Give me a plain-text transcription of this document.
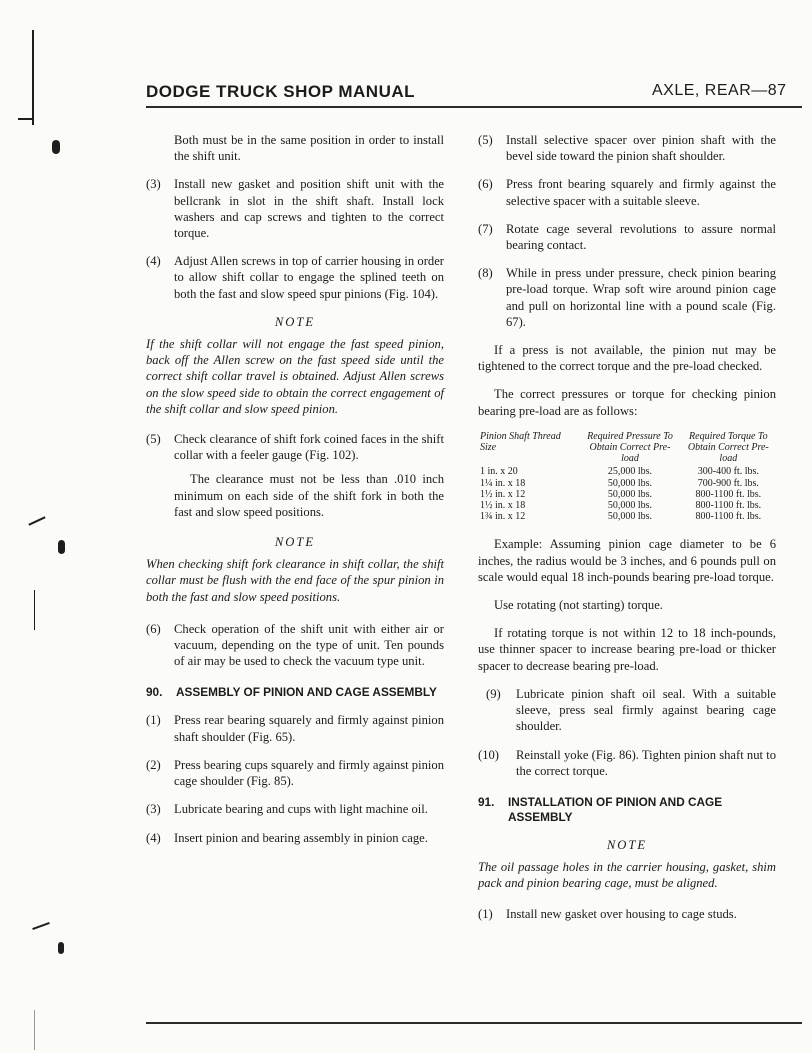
DODGE TRUCK SHOP MANUAL	AXLE, REAR—87

Both must be in the same position in order to install the shift unit.

(3) Install new gasket and position shift unit with the bellcrank in slot in the shift shaft. Install lock washers and cap screws and tighten to the correct torque.
(4) Adjust Allen screws in top of carrier housing in order to allow shift collar to engage the splined teeth on both the fast and slow speed spur pinions (Fig. 104).

NOTE

If the shift collar will not engage the fast speed pinion, back off the Allen screw on the fast speed side until the correct shift collar travel is obtained. Adjust Allen screws on the slow speed side to obtain the correct engagement of the shift collar and slow speed pinion.

(5) Check clearance of shift fork coined faces in the shift collar with a feeler gauge (Fig. 102).

The clearance must not be less than .010 inch minimum on each side of the shift fork in both the fast and slow speed positions.

NOTE

When checking shift fork clearance in shift collar, the shift collar must be flush with the end face of the spur pinion in both the fast and slow speed positions.

(6) Check operation of the shift unit with either air or vacuum, depending on the type of unit. Ten pounds of air may be used to check the vacuum type unit.
90. ASSEMBLY OF PINION AND CAGE ASSEMBLY
(1) Press rear bearing squarely and firmly against pinion shaft shoulder (Fig. 65).
(2) Press bearing cups squarely and firmly against pinion cage shoulder (Fig. 85).
(3) Lubricate bearing and cups with light machine oil.
(4) Insert pinion and bearing assembly in pinion cage.
(5) Install selective spacer over pinion shaft with the bevel side toward the pinion shaft shoulder.
(6) Press front bearing squarely and firmly against the selective spacer with a suitable sleeve.
(7) Rotate cage several revolutions to assure normal bearing contact.
(8) While in press under pressure, check pinion bearing pre-load torque. Wrap soft wire around pinion cage and pull on horizontal line with a pound scale (Fig. 67).

If a press is not available, the pinion nut may be tightened to the correct torque and the pre-load checked.

The correct pressures or torque for checking pinion bearing pre-load are as follows:

Pinion Shaft Thread Size	Required Pressure To Obtain Correct Pre-load	Required Torque To Obtain Correct Pre-load
1 in. x 20	25,000 lbs.	300-400 ft. lbs.
1¼ in. x 18	50,000 lbs.	700-900 ft. lbs.
1½ in. x 12	50,000 lbs.	800-1100 ft. lbs.
1½ in. x 18	50,000 lbs.	800-1100 ft. lbs.
1¾ in. x 12	50,000 lbs.	800-1100 ft. lbs.

Example: Assuming pinion cage diameter to be 6 inches, the radius would be 3 inches, and 6 pounds pull on scale would equal 18 inch-pounds bearing pre-load torque.

Use rotating (not starting) torque.

If rotating torque is not within 12 to 18 inch-pounds, use thinner spacer to increase bearing pre-load or thicker spacer to decrease bearing pre-load.

(9) Lubricate pinion shaft oil seal. With a suitable sleeve, press seal firmly against bearing cage shoulder.
(10) Reinstall yoke (Fig. 86). Tighten pinion shaft nut to the correct torque.
91. INSTALLATION OF PINION AND CAGE ASSEMBLY

NOTE

The oil passage holes in the carrier housing, gasket, shim pack and pinion bearing cage, must be aligned.

(1) Install new gasket over housing to cage studs.
